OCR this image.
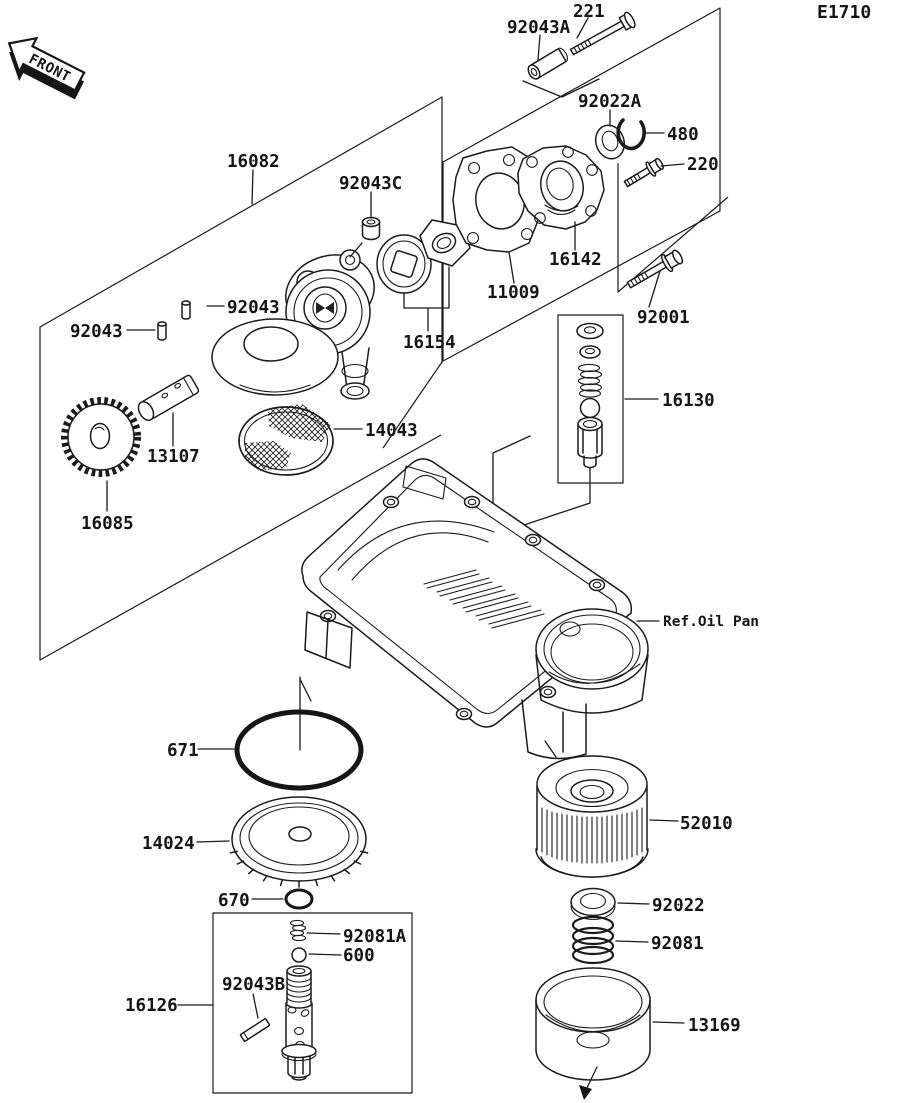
FRONT
E1710
221
92043A
92022A
480
220
16082
92043C
16142
11009
16154
92043
92043
13107
16085
14043
92001
16130
Ref.Oil Pan
671
14024
670
92081A
600
92043B
16126
52010
92022
92081
13169
